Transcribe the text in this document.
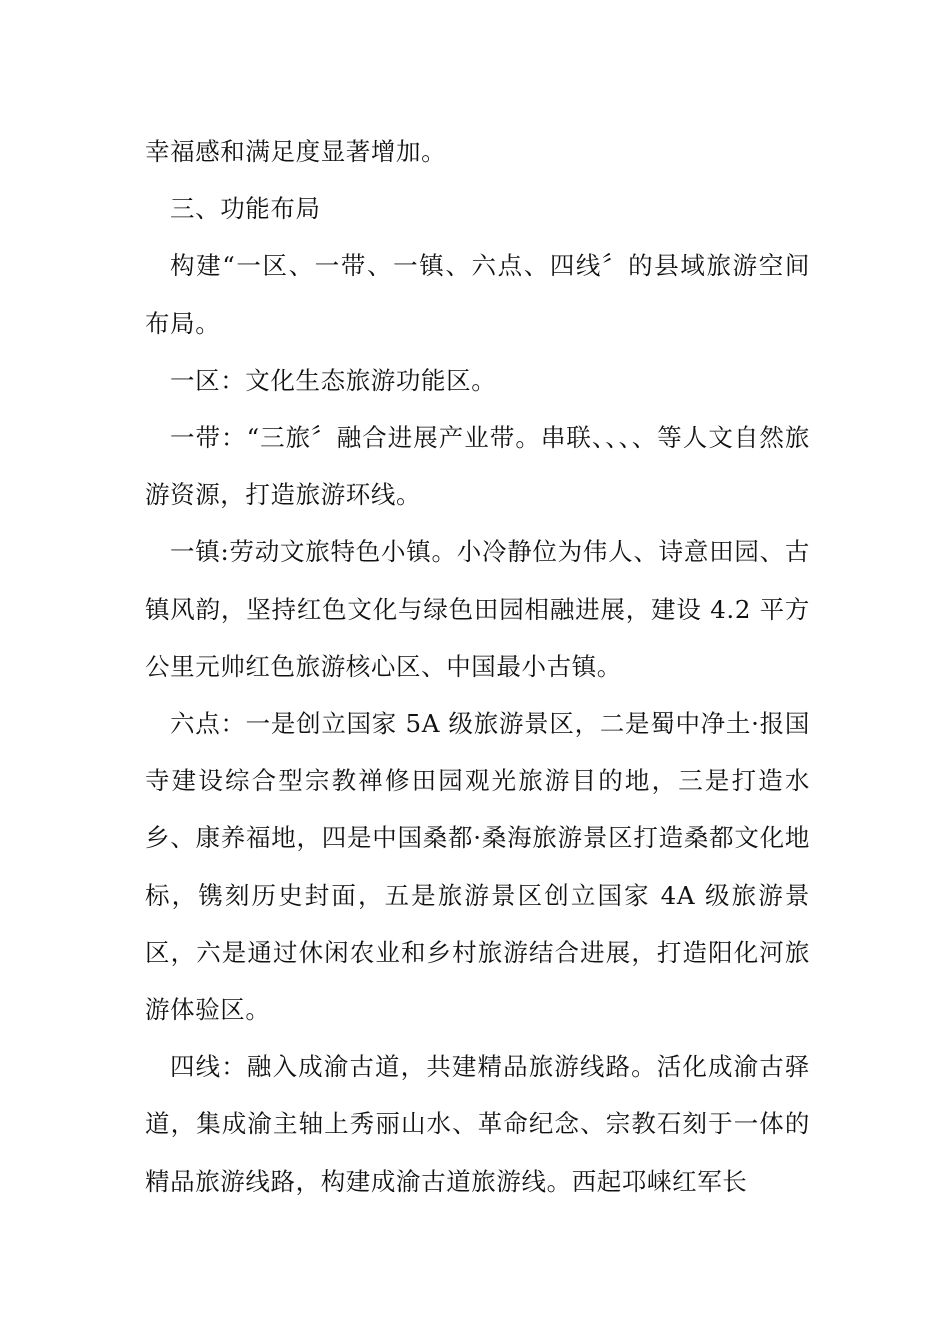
幸福感和满足度显著增加。

三、功能布局

构建“一区、一带、一镇、六点、四线〞的县域旅游空间布局。

一区：文化生态旅游功能区。

一带：“三旅〞融合进展产业带。串联、、、、等人文自然旅游资源，打造旅游环线。

一镇:劳动文旅特色小镇。小冷静位为伟人、诗意田园、古镇风韵，坚持红色文化与绿色田园相融进展，建设 4.2 平方公里元帅红色旅游核心区、中国最小古镇。

六点：一是创立国家 5A 级旅游景区，二是蜀中净土·报国寺建设综合型宗教禅修田园观光旅游目的地，三是打造水乡、康养福地，四是中国桑都·桑海旅游景区打造桑都文化地标，镌刻历史封面，五是旅游景区创立国家 4A 级旅游景区，六是通过休闲农业和乡村旅游结合进展，打造阳化河旅游体验区。

四线：融入成渝古道，共建精品旅游线路。活化成渝古驿道，集成渝主轴上秀丽山水、革命纪念、宗教石刻于一体的精品旅游线路，构建成渝古道旅游线。西起邛崃红军长
